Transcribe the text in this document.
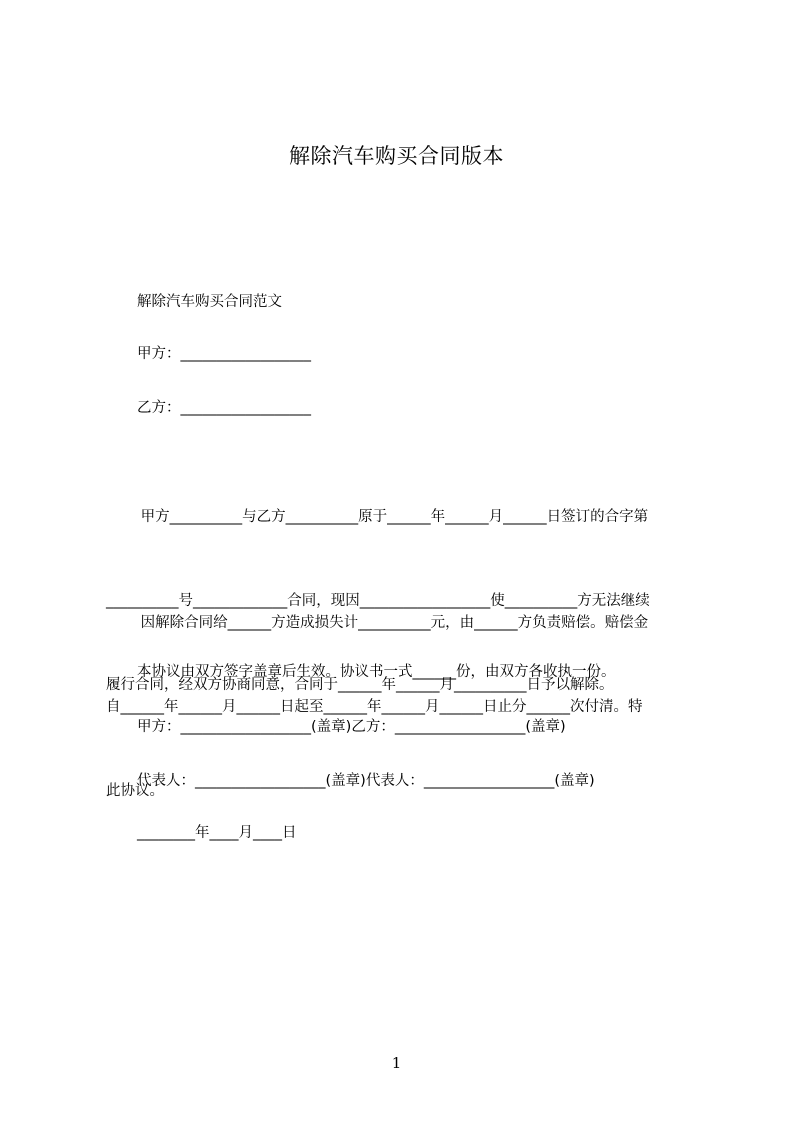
解除汽车购买合同版本
解除汽车购买合同范文
甲方：__________________
乙方：__________________

甲方__________与乙方__________原于______年______月______日签订的合字第

__________号_____________合同，现因__________________使__________方无法继续

履行合同，经双方协商同意，合同于______年______月__________日予以解除。

因解除合同给______方造成损失计__________元，由______方负责赔偿。赔偿金

自______年______月______日起至______年______月______日止分______次付清。特

此协议。

本协议由双方签字盖章后生效。协议书一式______份，由双方各收执一份。
甲方：__________________(盖章)乙方：__________________(盖章)
代表人：__________________(盖章)代表人：__________________(盖章)
________年____月____日
1
